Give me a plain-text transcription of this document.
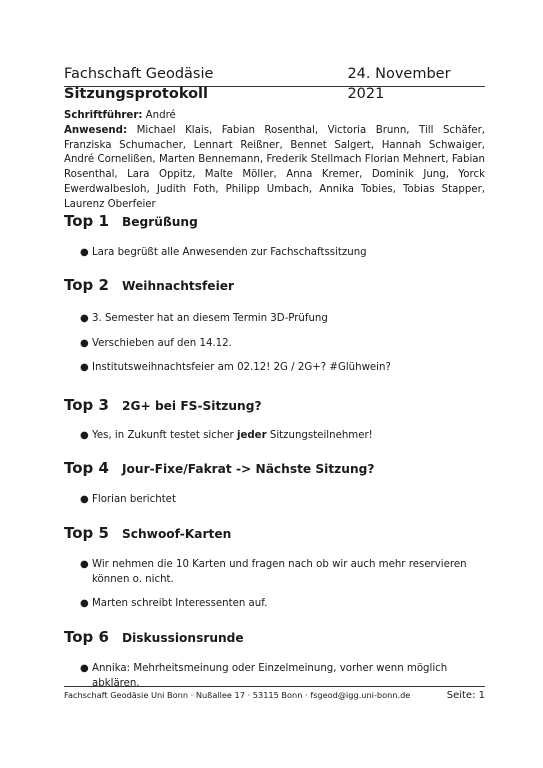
Fachschaft Geodäsie Sitzungsprotokoll
24. November 2021

Schriftführer: André

Anwesend: Michael Klais, Fabian Rosenthal, Victoria Brunn, Till Schäfer, Franziska Schumacher, Lennart Reißner, Bennet Salgert, Hannah Schwaiger, André Cornelißen, Marten Bennemann, Frederik Stellmach Florian Mehnert, Fabian Rosenthal, Lara Oppitz, Malte Möller, Anna Kremer, Dominik Jung, Yorck Ewerdwalbesloh, Judith Foth, Philipp Umbach, Annika Tobies, Tobias Stapper, Laurenz Oberfeier

Top 1	Begrüßung
● Lara begrüßt alle Anwesenden zur Fachschaftssitzung
Top 2	Weihnachtsfeier
● 3. Semester hat an diesem Termin 3D-Prüfung
● Verschieben auf den 14.12.
● Institutsweihnachtsfeier am 02.12! 2G / 2G+? #Glühwein?
Top 3	2G+ bei FS-Sitzung?
● Yes, in Zukunft testet sicher jeder Sitzungsteilnehmer!
Top 4	Jour-Fixe/Fakrat -> Nächste Sitzung?
● Florian berichtet
Top 5	Schwoof-Karten
● Wir nehmen die 10 Karten und fragen nach ob wir auch mehr reservieren können o. nicht.
● Marten schreibt Interessenten auf.
Top 6	Diskussionsrunde
● Annika: Mehrheitsmeinung oder Einzelmeinung, vorher wenn möglich abklären.
Fachschaft Geodäsie Uni Bonn · Nußallee 17 · 53115 Bonn · fsgeod@igg.uni-bonn.de	Seite: 1
